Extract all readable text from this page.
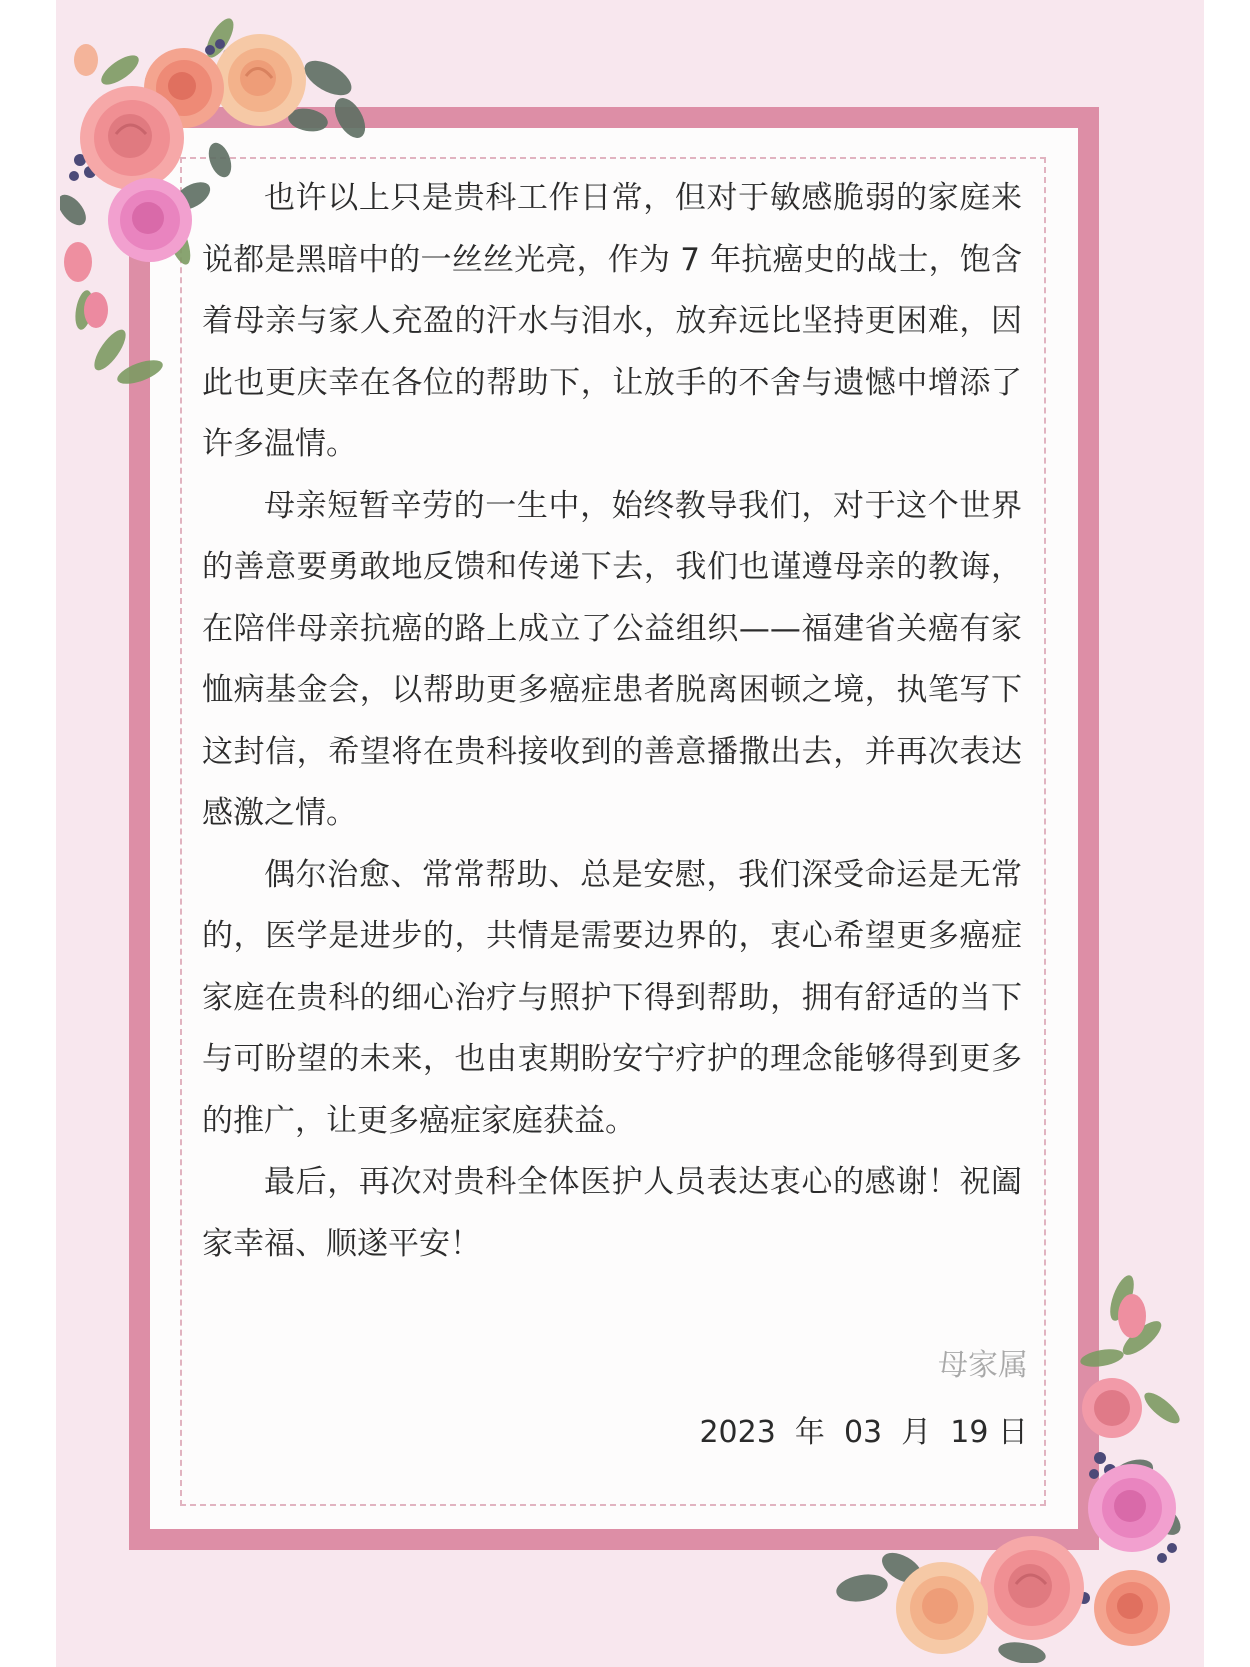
也许以上只是贵科工作日常，但对于敏感脆弱的家庭来说都是黑暗中的一丝丝光亮，作为 7 年抗癌史的战士，饱含着母亲与家人充盈的汗水与泪水，放弃远比坚持更困难，因此也更庆幸在各位的帮助下，让放手的不舍与遗憾中增添了许多温情。

母亲短暂辛劳的一生中，始终教导我们，对于这个世界的善意要勇敢地反馈和传递下去，我们也谨遵母亲的教诲，在陪伴母亲抗癌的路上成立了公益组织——福建省关癌有家恤病基金会，以帮助更多癌症患者脱离困顿之境，执笔写下这封信，希望将在贵科接收到的善意播撒出去，并再次表达感激之情。

偶尔治愈、常常帮助、总是安慰，我们深受命运是无常的，医学是进步的，共情是需要边界的，衷心希望更多癌症家庭在贵科的细心治疗与照护下得到帮助，拥有舒适的当下与可盼望的未来，也由衷期盼安宁疗护的理念能够得到更多的推广，让更多癌症家庭获益。

最后，再次对贵科全体医护人员表达衷心的感谢！祝阖家幸福、顺遂平安！

母家属
2023  年  03  月  19 日
